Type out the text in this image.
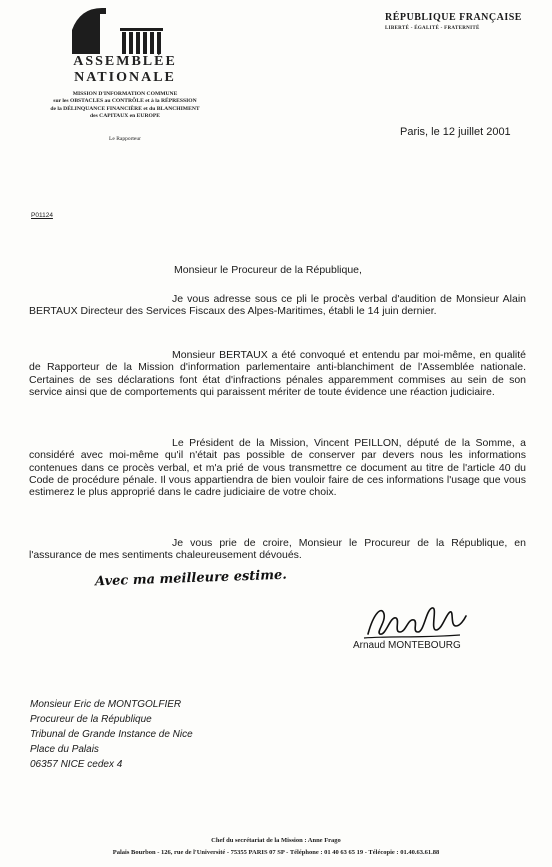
ASSEMBLÉE
NATIONALE
MISSION D'INFORMATION COMMUNE
sur les OBSTACLES au CONTRÔLE et à la RÉPRESSION
de la DÉLINQUANCE FINANCIÈRE et du BLANCHIMENT
des CAPITAUX en EUROPE
Le Rapporteur
RÉPUBLIQUE FRANÇAISE
LIBERTÉ - ÉGALITÉ - FRATERNITÉ
Paris, le 12 juillet 2001
P01124
Monsieur le Procureur de la République,

Je vous adresse sous ce pli le procès verbal d'audition de Monsieur Alain BERTAUX Directeur des Services Fiscaux des Alpes-Maritimes, établi le 14 juin dernier.

Monsieur BERTAUX a été convoqué et entendu par moi-même, en qualité de Rapporteur de la Mission d'information parlementaire anti-blanchiment de l'Assemblée nationale. Certaines de ses déclarations font état d'infractions pénales apparemment commises au sein de son service ainsi que de comportements qui paraissent mériter de toute évidence une réaction judiciaire.

Le Président de la Mission, Vincent PEILLON, député de la Somme, a considéré avec moi-même qu'il n'était pas possible de conserver par devers nous les informations contenues dans ce procès verbal, et m'a prié de vous transmettre ce document au titre de l'article 40 du Code de procédure pénale. Il vous appartiendra de bien vouloir faire de ces informations l'usage que vous estimerez le plus approprié dans le cadre judiciaire de votre choix.

Je vous prie de croire, Monsieur le Procureur de la République, en l'assurance de mes sentiments chaleureusement dévoués.

Avec ma meilleure estime.
Arnaud MONTEBOURG
Monsieur Eric de MONTGOLFIER
Procureur de la République
Tribunal de Grande Instance de Nice
Place du Palais
06357 NICE cedex 4
Chef du secrétariat de la Mission : Anne Frago
Palais Bourbon - 126, rue de l'Université - 75355 PARIS 07 SP - Téléphone : 01 40 63 65 19 - Télécopie : 01.40.63.61.88
